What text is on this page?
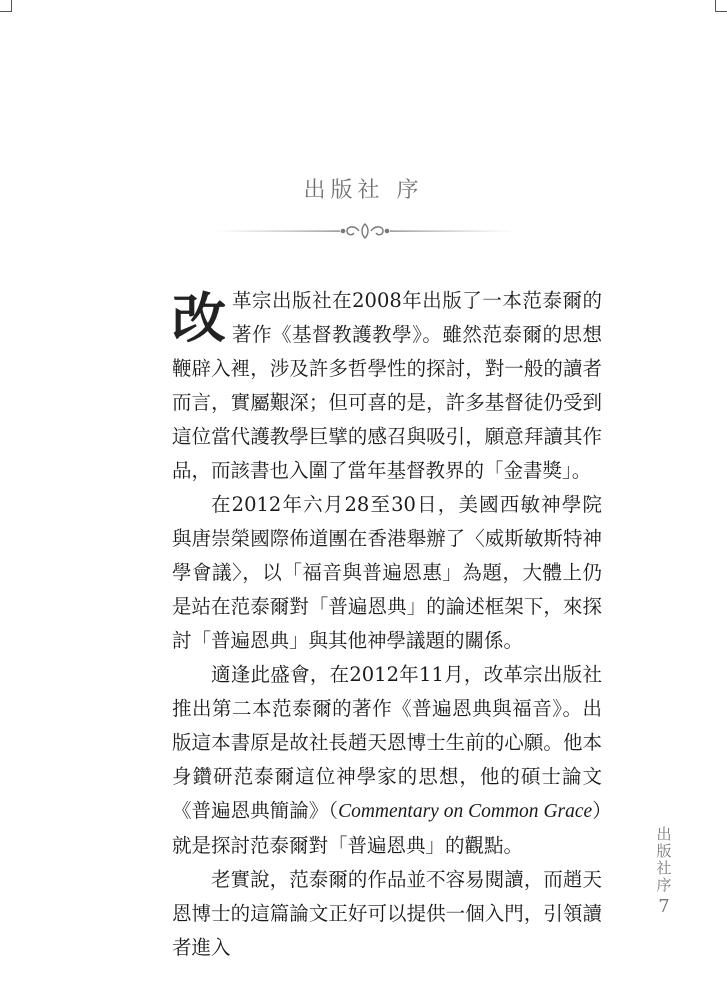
出版社 序

改革宗出版社在2008年出版了一本范泰爾的著作《基督教護教學》。雖然范泰爾的思想鞭辟入裡，涉及許多哲學性的探討，對一般的讀者而言，實屬艱深；但可喜的是，許多基督徒仍受到這位當代護教學巨擘的感召與吸引，願意拜讀其作品，而該書也入圍了當年基督教界的「金書獎」。

在2012年六月28至30日，美國西敏神學院與唐崇榮國際佈道團在香港舉辦了〈威斯敏斯特神學會議〉，以「福音與普遍恩惠」為題，大體上仍是站在范泰爾對「普遍恩典」的論述框架下，來探討「普遍恩典」與其他神學議題的關係。

適逢此盛會，在2012年11月，改革宗出版社推出第二本范泰爾的著作《普遍恩典與福音》。出版這本書原是故社長趙天恩博士生前的心願。他本身鑽研范泰爾這位神學家的思想，他的碩士論文《普遍恩典簡論》（Commentary on Common Grace）就是探討范泰爾對「普遍恩典」的觀點。

老實說，范泰爾的作品並不容易閱讀，而趙天恩博士的這篇論文正好可以提供一個入門，引領讀者進入

出
版
社
序
7
